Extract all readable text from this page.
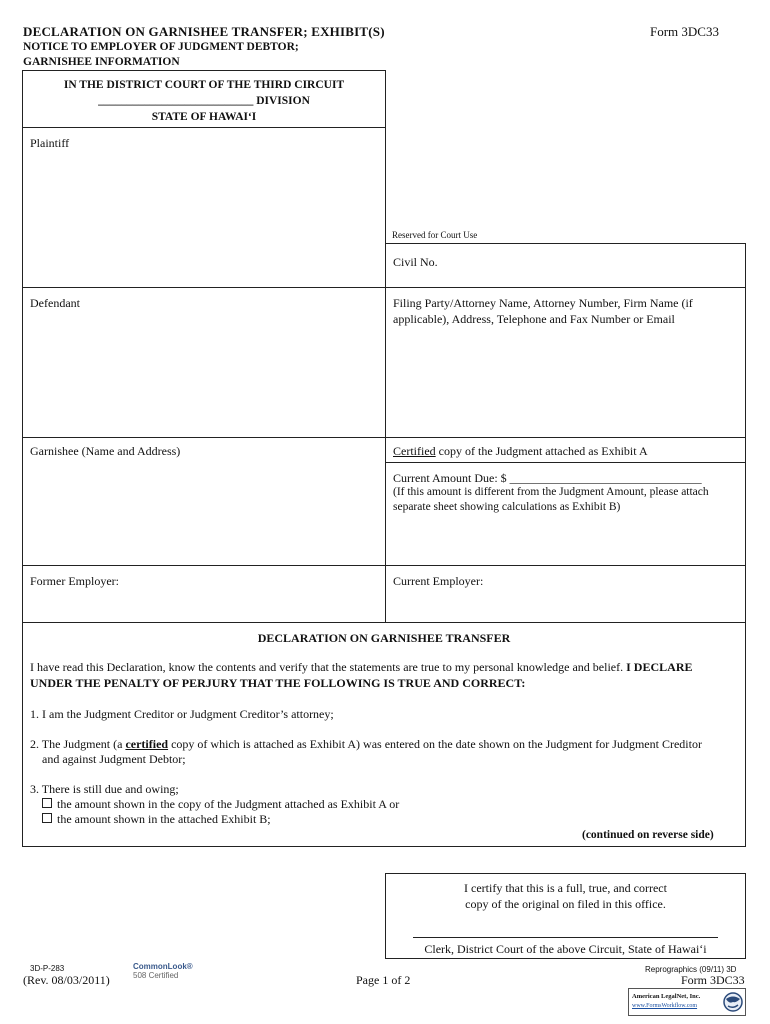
DECLARATION ON GARNISHEE TRANSFER; EXHIBIT(S)	Form 3DC33
NOTICE TO EMPLOYER OF JUDGMENT DEBTOR;
GARNISHEE INFORMATION
IN THE DISTRICT COURT OF THE THIRD CIRCUIT
___________________________ DIVISION
STATE OF HAWAI‘I
Plaintiff
Reserved for Court Use
Civil No.
Defendant	Filing Party/Attorney Name, Attorney Number, Firm Name (if
applicable), Address, Telephone and Fax Number or Email
Garnishee (Name and Address)	Certified copy of the Judgment attached as Exhibit A
Current Amount Due: $ ________________________________
(If this amount is different from the Judgment Amount, please attach
separate sheet showing calculations as Exhibit B)
Former Employer:	Current Employer:
DECLARATION ON GARNISHEE TRANSFER
I have read this Declaration, know the contents and verify that the statements are true to my personal knowledge and belief. I DECLARE
UNDER THE PENALTY OF PERJURY THAT THE FOLLOWING IS TRUE AND CORRECT:
1. I am the Judgment Creditor or Judgment Creditor’s attorney;
2. The Judgment (a certified copy of which is attached as Exhibit A) was entered on the date shown on the Judgment for Judgment Creditor
and against Judgment Debtor;
3. There is still due and owing;
the amount shown in the copy of the Judgment attached as Exhibit A or
the amount shown in the attached Exhibit B;
(continued on reverse side)
I certify that this is a full, true, and correct
copy of the original on filed in this office.
Clerk, District Court of the above Circuit, State of Hawai‘i
3D-P-283
(Rev. 08/03/2011)
CommonLook®
508 Certified	Page 1 of 2
Reprographics (09/11) 3D
Form 3DC33
American LegalNet, Inc.
www.FormsWorkflow.com
